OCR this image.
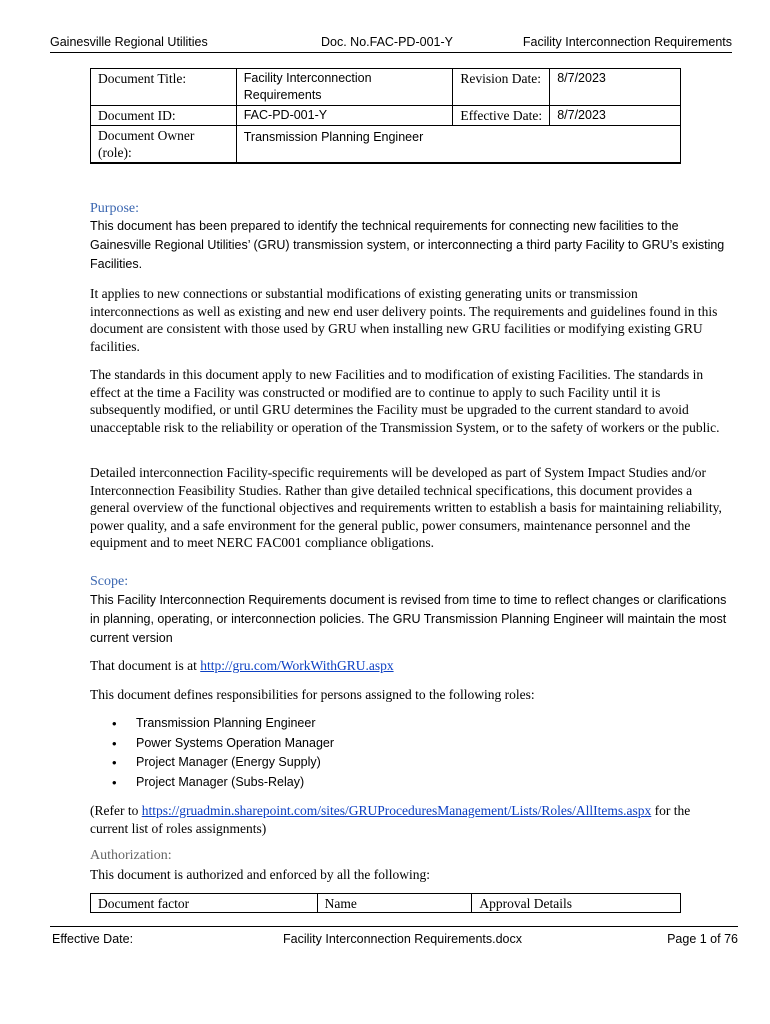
Gainesville Regional Utilities	Doc. No.FAC-PD-001-Y	Facility Interconnection Requirements
Document Title:	Facility Interconnection Requirements	Revision Date:	8/7/2023
Document ID:	FAC-PD-001-Y	Effective Date:	8/7/2023
Document Owner (role):	Transmission Planning Engineer		
Purpose:
This document has been prepared to identify the technical requirements for connecting new facilities to the Gainesville Regional Utilities’ (GRU) transmission system, or interconnecting a third party Facility to GRU’s existing Facilities.
It applies to new connections or substantial modifications of existing generating units or transmission interconnections as well as existing and new end user delivery points. The requirements and guidelines found in this document are consistent with those used by GRU when installing new GRU facilities or modifying existing GRU facilities.
The standards in this document apply to new Facilities and to modification of existing Facilities. The standards in effect at the time a Facility was constructed or modified are to continue to apply to such Facility until it is subsequently modified, or until GRU determines the Facility must be upgraded to the current standard to avoid unacceptable risk to the reliability or operation of the Transmission System, or to the safety of workers or the public.
Detailed interconnection Facility-specific requirements will be developed as part of System Impact Studies and/or Interconnection Feasibility Studies. Rather than give detailed technical specifications, this document provides a general overview of the functional objectives and requirements written to establish a basis for maintaining reliability, power quality, and a safe environment for the general public, power consumers, maintenance personnel and the equipment and to meet NERC FAC001 compliance obligations.
Scope:
This Facility Interconnection Requirements document is revised from time to time to reflect changes or clarifications in planning, operating, or interconnection policies. The GRU Transmission Planning Engineer will maintain the most current version
That document is at http://gru.com/WorkWithGRU.aspx
This document defines responsibilities for persons assigned to the following roles:
• Transmission Planning Engineer
• Power Systems Operation Manager
• Project Manager (Energy Supply)
• Project Manager (Subs-Relay)
(Refer to https://gruadmin.sharepoint.com/sites/GRUProceduresManagement/Lists/Roles/AllItems.aspx for the current list of roles assignments)
Authorization:
This document is authorized and enforced by all the following:
Document factor	Name	Approval Details
Effective Date:	Facility Interconnection Requirements.docx	Page 1 of 76
